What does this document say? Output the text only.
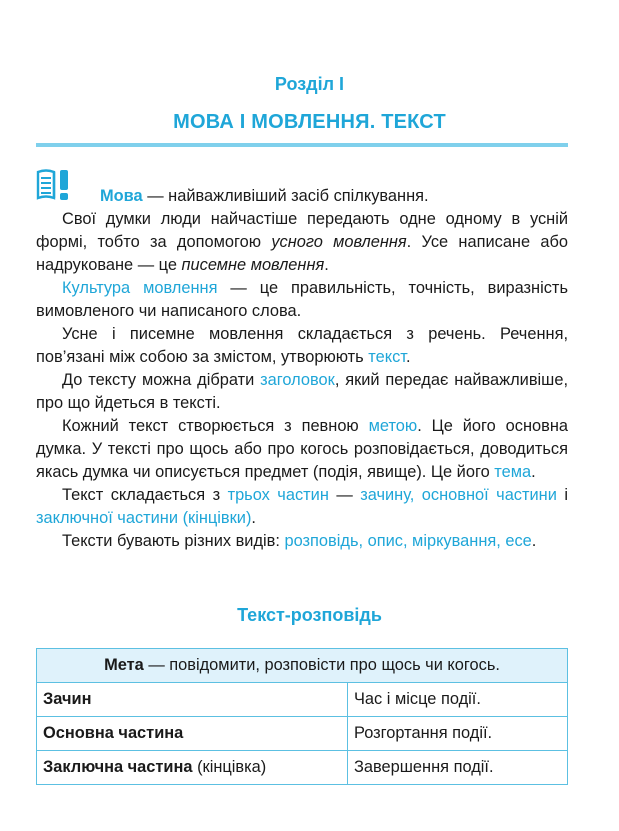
Розділ I
МОВА І МОВЛЕННЯ. ТЕКСТ

Мова — найважливіший засіб спілкування.

Свої думки люди найчастіше передають одне одному в усній формі, тобто за допомогою усного мовлення. Усе написане або надруковане — це писемне мовлення.

Культура мовлення — це правильність, точність, виразність вимовленого чи написаного слова.

Усне і писемне мовлення складається з речень. Речення, пов’язані між собою за змістом, утворюють текст.

До тексту можна дібрати заголовок, який передає найважливіше, про що йдеться в тексті.

Кожний текст створюється з певною метою. Це його основна думка. У тексті про щось або про когось розповідається, доводиться якась думка чи описується предмет (подія, явище). Це його тема.

Текст складається з трьох частин — зачину, основної частини і заключної частини (кінцівки).

Тексти бувають різних видів: розповідь, опис, міркування, есе.

Текст-розповідь
Мета — повідомити, розповісти про щось чи когось.	
Зачин	Час і місце події.
Основна частина	Розгортання події.
Заключна частина (кінцівка)	Завершення події.
